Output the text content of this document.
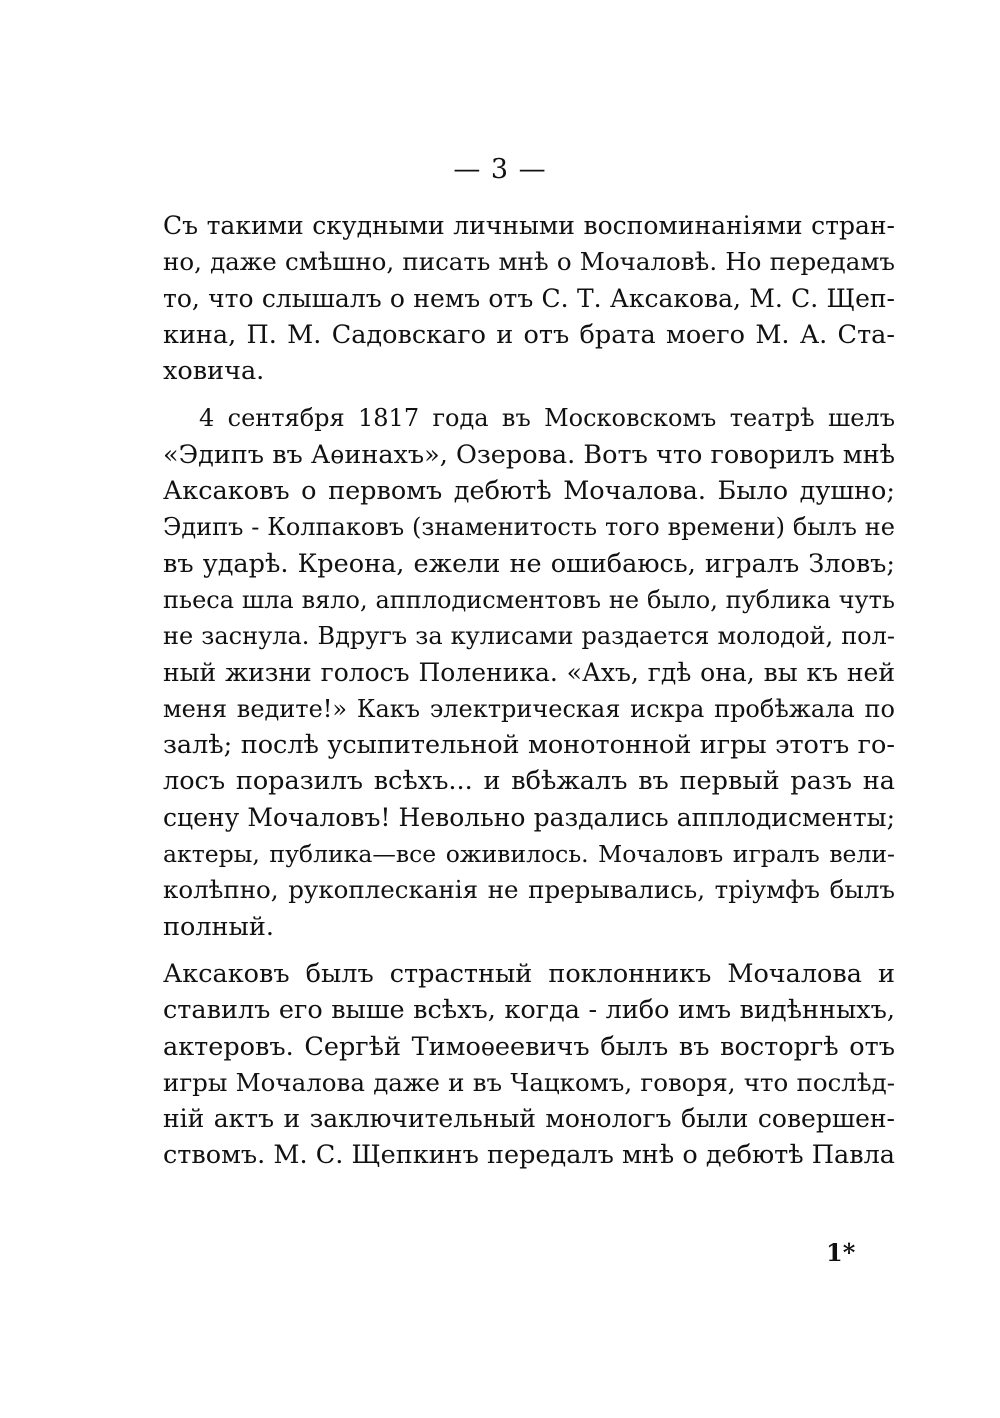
— 3 —
Съ такими скудными личными воспоминаніями стран-
но, даже смѣшно, писать мнѣ о Мочаловѣ. Но передамъ
то, что слышалъ о немъ отъ С. Т. Аксакова, М. С. Щеп-
кина, П. М. Садовскаго и отъ брата моего М. А. Ста-
ховича.
4 сентября 1817 года въ Московскомъ театрѣ шелъ
«Эдипъ въ Аѳинахъ», Озерова. Вотъ что говорилъ мнѣ
Аксаковъ о первомъ дебютѣ Мочалова. Было душно;
Эдипъ - Колпаковъ (знаменитость того времени) былъ не
въ ударѣ. Креона, ежели не ошибаюсь, игралъ Зловъ;
пьеса шла вяло, апплодисментовъ не было, публика чуть
не заснула. Вдругъ за кулисами раздается молодой, пол-
ный жизни голосъ Поленика. «Ахъ, гдѣ она, вы къ ней
меня ведите!» Какъ электрическая искра пробѣжала по
залѣ; послѣ усыпительной монотонной игры этотъ го-
лосъ поразилъ всѣхъ... и вбѣжалъ въ первый разъ на
сцену Мочаловъ! Невольно раздались апплодисменты;
актеры, публика—все оживилось. Мочаловъ игралъ вели-
колѣпно, рукоплесканія не прерывались, тріумфъ былъ
полный.
Аксаковъ былъ страстный поклонникъ Мочалова и
ставилъ его выше всѣхъ, когда - либо имъ видѣнныхъ,
актеровъ. Сергѣй Тимоѳеевичъ былъ въ восторгѣ отъ
игры Мочалова даже и въ Чацкомъ, говоря, что послѣд-
ній актъ и заключительный монологъ были совершен-
ствомъ. М. С. Щепкинъ передалъ мнѣ о дебютѣ Павла
1*
